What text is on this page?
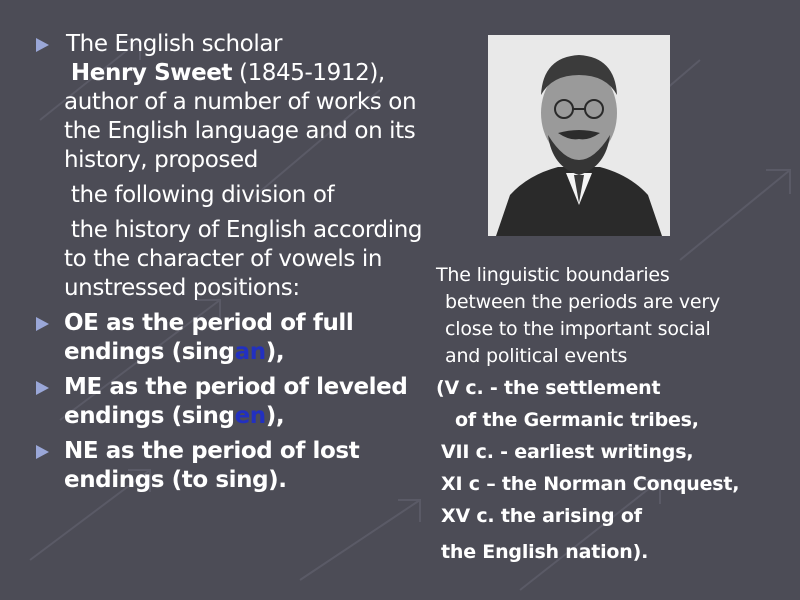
The English scholar
Henry Sweet (1845-1912), author of a number of works on the English language and on its history, proposed
the following division of
the history of English according to the character of vowels in unstressed positions:
OE as the period of full endings (singan),
ME as the period of leveled endings (singen),
NE as the period of lost endings (to sing).
The linguistic boundaries
between the periods are very
close to the important social
and political events
(V c. - the settlement
of the Germanic tribes,
VII c. - earliest writings,
XI c – the Norman Conquest,
XV c. the arising of
the English nation).
